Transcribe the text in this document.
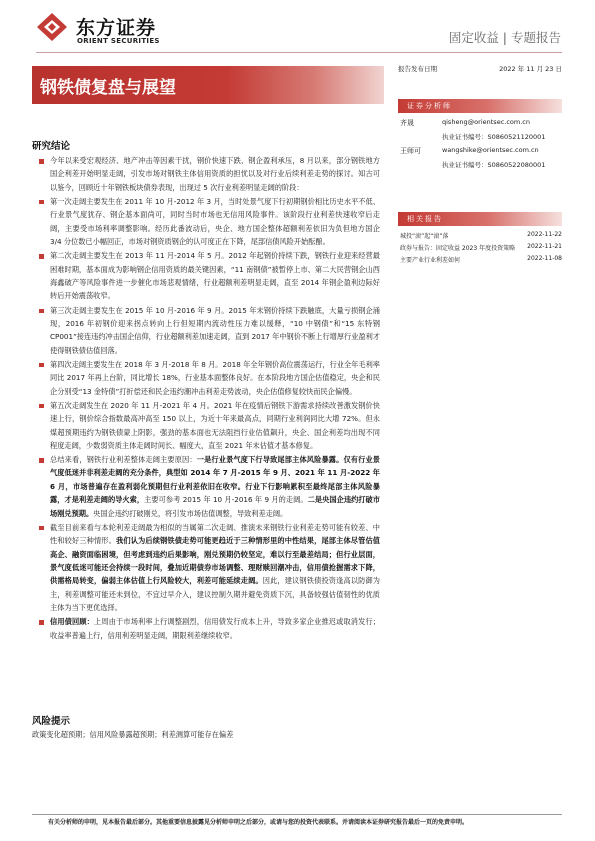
东方证券
ORIENT SECURITIES	固定收益 | 专题报告
钢铁债复盘与展望
报告发布日期	2022 年 11 月 23 日
证券分析师
齐晟	qisheng@orientsec.com.cn
执业证书编号：S0860521120001
王师可	wangshike@orientsec.com.cn
执业证书编号：S0860522080001
相关报告
城投“滚”起“滚”落	2022-11-22
政券与报告：固定收益 2023 年度投资策略 2022-11-21
主要产业行业利差如何	2022-11-08
研究结论
今年以来受宏观经济、地产冲击等因素干扰，钢价快速下跌、钢企盈利承压，8 月以来，部分钢铁地方国企利差开始明显走阔，引发市场对钢铁主体信用资质的担忧以及对行业后续利差走势的探讨。知古可以鉴今，回顾近十年钢铁板块债券表现，出现过 5 次行业利差明显走阔的阶段：
第一次走阔主要发生在 2011 年 10 月-2012 年 3 月，当时处景气度下行初期钢价相比历史水平不低、行业景气度犹存、钢企基本面尚可，同时当时市场也无信用风险事件。该阶段行业利差快速收窄后走阔，主要受市场利率调整影响。经历此番波动后，央企、地方国企整体超额利差依旧为负但地方国企 3/4 分位数已小幅回正，市场对钢资质钢企的认可度正在下降，尾部信债风险开始酝酿。
第二次走阔主要发生在 2013 年 11 月-2014 年 5 月。2012 年起钢价持续下跌，钢铁行业迎来经营最困难时期，基本面成为影响钢企信用资质的最关键因素，“11 南钢债”被暂停上市、第二大民营钢企山西海鑫破产等风险事件进一步催化市场悲观情绪，行业超额利差明显走阔，直至 2014 年钢企盈利边际好转后开始震荡收窄。
第三次走阔主要发生在 2015 年 10 月-2016 年 9 月。2015 年末钢价持续下跌触底，大量亏损钢企涌现，2016 年初钢价迎来拐点转向上行但短期内流动性压力难以缓释，“10 中钢债”和“15 东特钢 CP001”接连违约冲击国企信仰，行业超额利差加速走阔，直到 2017 年中钢价不断上行增厚行业盈利才使得钢铁债估值回落。
第四次走阔主要发生在 2018 年 3 月-2018 年 8 月。2018 年全年钢价高位震荡运行，行业全年毛利率同比 2017 年再上台阶，同比增长 18%，行业基本面整体良好。在本阶段地方国企估值稳定，央企和民企分别受“13 金特债”打折偿还和民企违约潮冲击利差走势波动，央企估值修复较快而民企偏慢。
第五次走阔发生在 2020 年 11 月-2021 年 4 月。2021 年在疫情后钢铁下游需求持续改善激发钢价快速上行，钢价综合指数最高冲高至 150 以上，为近十年来最高点，同期行业利润同比大增 72%。但永煤超预期违约为钢铁债蒙上阴影，强劲的基本面也无法阻挡行业估值飙升，央企、国企利差均出现不同程度走阔，少数弱资质主体走阔时间长、幅度大，直至 2021 年末估值才基本修复。
总结来看，钢铁行业利差整体走阔主要原因：一是行业景气度下行导致尾部主体风险暴露。仅有行业景气度低迷并非利差走阔的充分条件，典型如 2014 年 7 月-2015 年 9 月、2021 年 11 月-2022 年 6 月，市场普遍存在盈利弱化预期但行业利差依旧在收窄。行业下行影响累积至最终尾部主体风险暴露，才是利差走阔的导火索，主要可参考 2015 年 10 月-2016 年 9 月的走阔。二是央国企违约打破市场刚兑预期。央国企违约打破刚兑，将引发市场估值调整，导致利差走阔。
截至目前来看与本轮利差走阔最为相似的当属第二次走阔、推演未来钢铁行业利差走势可能有较差、中性和较好三种情形。我们认为后续钢铁债走势可能更趋近于三种情形里的中性结果，尾部主体尽管估值高企、融资面临困境，但考虑到违约后果影响，刚兑预期仍较坚定，难以行至最差结局；但行业层面，景气度低迷可能还会持续一段时间，叠加近期债券市场调整、理财赎回潮冲击，信用债抢握需求下降，供需格局转变，偏弱主体估值上行风险较大，利差可能延续走阔。因此，建议钢铁债投资逢高以防御为主，利差调整可能还未到位，不宜过早介入，建议控制久期并避免资质下沉，具备较强估值韧性的优质主体为当下更优选择。
信用债回顾：上周由于市场利率上行调整剧烈，信用债发行成本上升，导致多家企业推迟或取消发行；收益率普遍上行，信用利差明显走阔，期限利差继续收窄。
风险提示
政策变化超预期；信用风险暴露超预期；利差测算可能存在偏差
有关分析师的申明，见本报告最后部分。其他重要信息披露见分析师申明之后部分，或请与您的投资代表联系。并请阅读本证券研究报告最后一页的免责申明。
